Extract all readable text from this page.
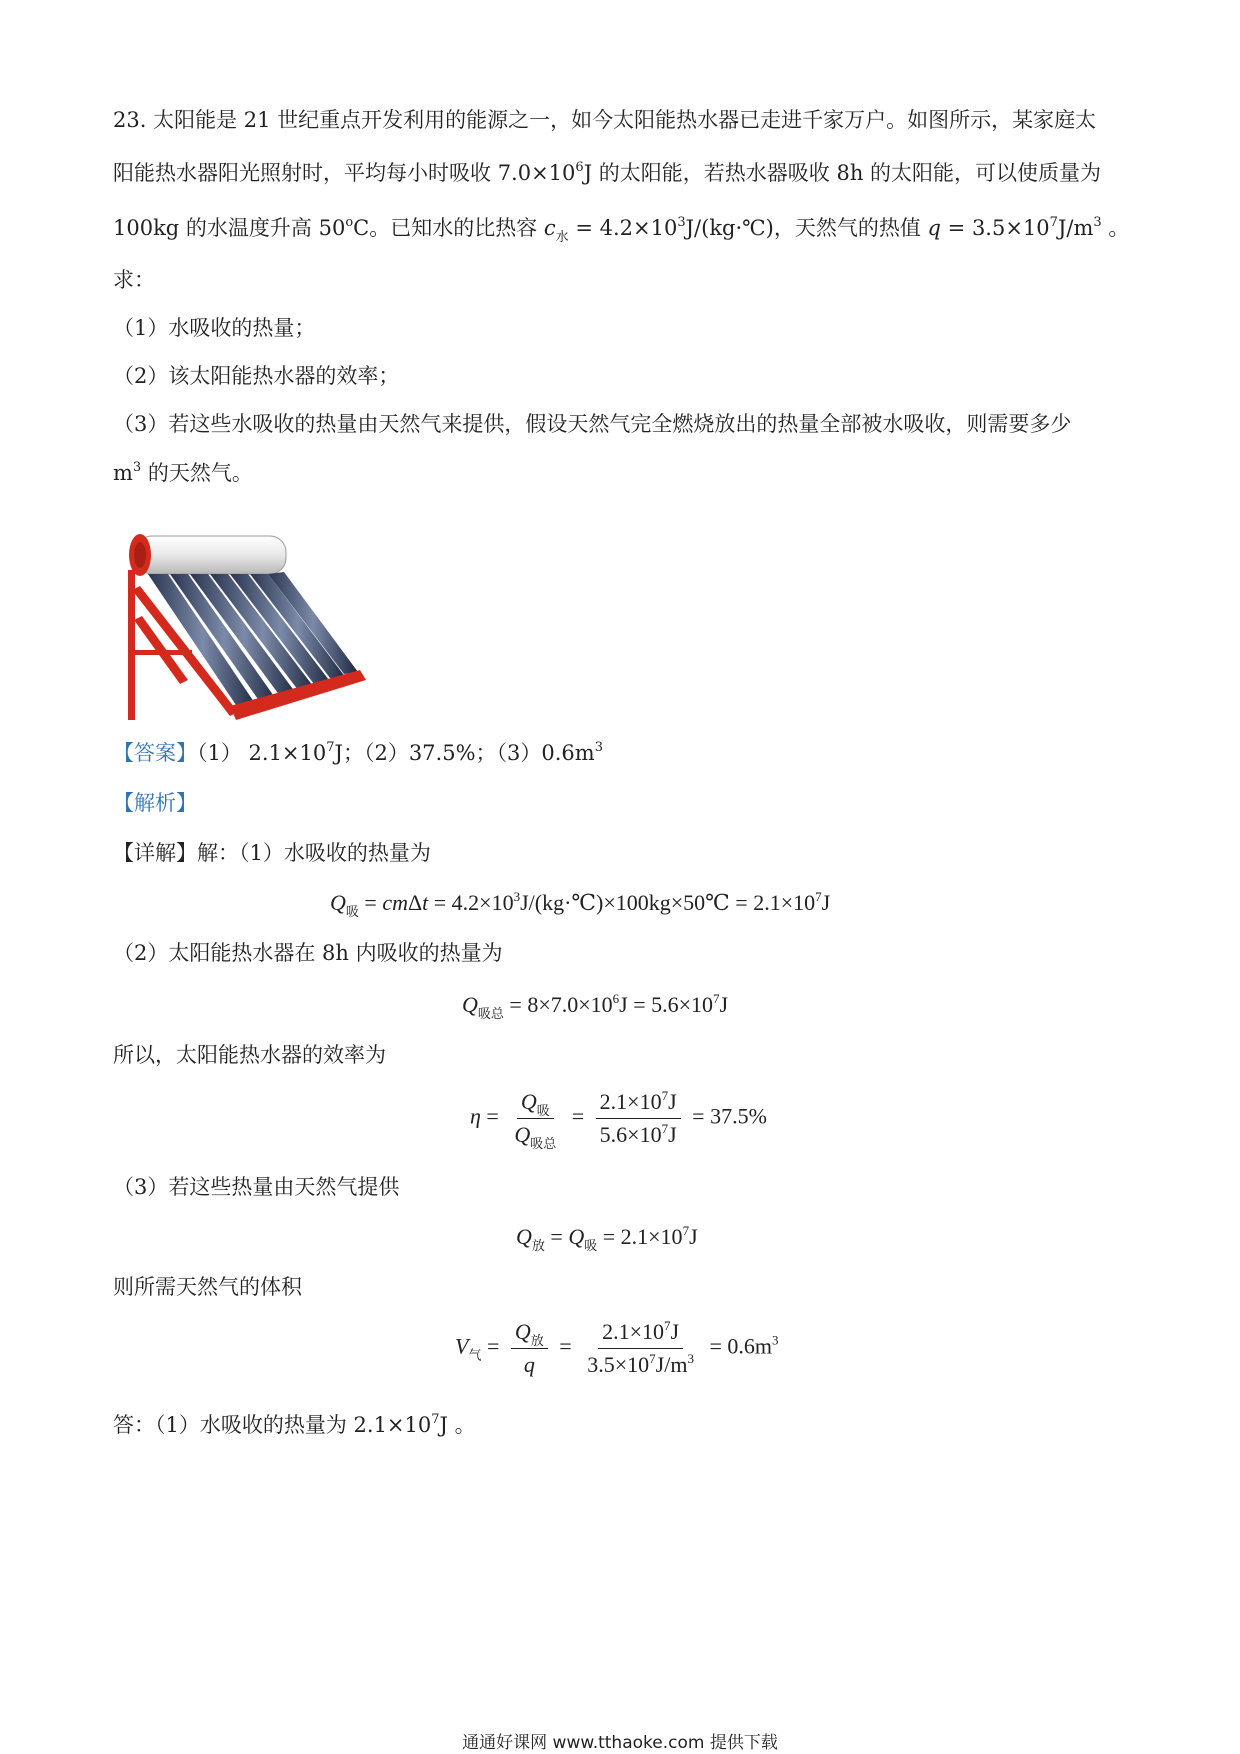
23. 太阳能是 21 世纪重点开发利用的能源之一，如今太阳能热水器已走进千家万户。如图所示，某家庭太
阳能热水器阳光照射时，平均每小时吸收 $7.0\times 10^6J$ 的太阳能，若热水器吸收 8h 的太阳能，可以使质量为
100kg 的水温度升高 50$^o$C。已知水的比热容 $c_水$ = $4.2\times 10^3J/(kg\cdot℃)$，天然气的热值 $q = 3.5\times 10^7J/m^3$ 。
求：
（1）水吸收的热量；
（2）该太阳能热水器的效率；
（3）若这些水吸收的热量由天然气来提供，假设天然气完全燃烧放出的热量全部被水吸收，则需要多少
$m^3$ 的天然气。
【答案】（1） $2.1\times 10^7J$；（2）37.5%；$(3)0.6m^3$
【解析】
【详解】解：（1）水吸收的热量为
$Q_吸 = cm\Delta t$ = $4.2\times 10^3J/(kg\cdot℃)\times 100kg\times 50℃ = 2.1\times 10^7J$
（2）太阳能热水器在 8h 内吸收的热量为
$Q_{吸总} = 8\times 7.0\times 10^6J = 5.6\times 10^7J$
所以，太阳能热水器的效率为
$\eta = \frac{Q_吸}{Q_{吸总}} = \frac{2.1\times 10^7J}{5.6\times 10^7J} = 37.5\%$
（3）若这些热量由天然气提供
$Q_放 = Q_吸 = 2.1\times 10^7J$
则所需天然气的体积
$V_气 = \frac{Q_放}{q} = \frac{2.1\times 10^7J}{3.5\times 10^7J/m^3} = 0.6m^3$
答：（1）水吸收的热量为 $2.1\times 10^7J$ 。
通通好课网 www.tthaoke.com 提供下载
